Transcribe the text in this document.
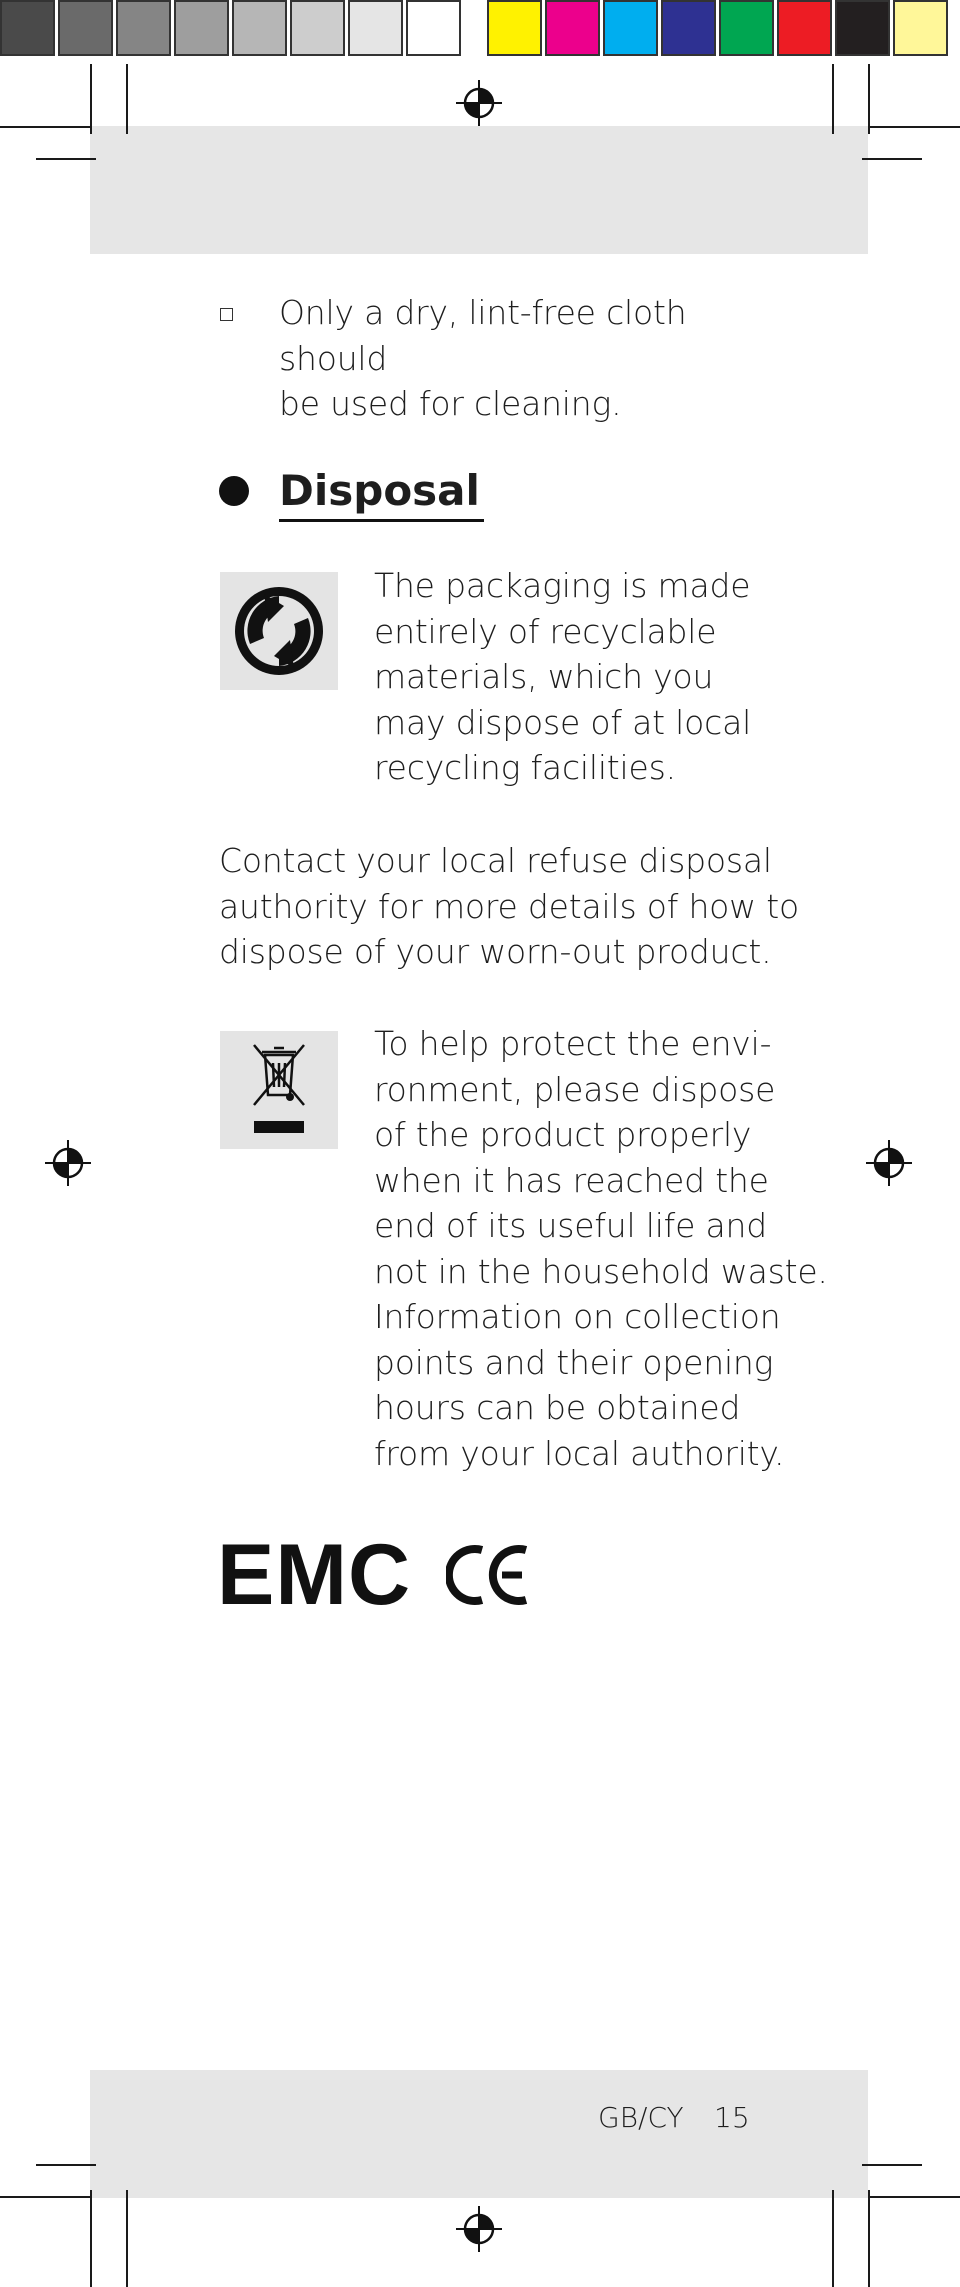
Only a dry, lint-free cloth should
be used for cleaning.
Disposal
The packaging is made
entirely of recyclable
materials, which you
may dispose of at local
recycling facilities.
Contact your local refuse disposal
authority for more details of how to
dispose of your worn-out product.
To help protect the envi-
ronment, please dispose
of the product properly
when it has reached the
end of its useful life and
not in the household waste.
Information on collection
points and their opening
hours can be obtained
from your local authority.
EMC	CE
GB/CY 15
